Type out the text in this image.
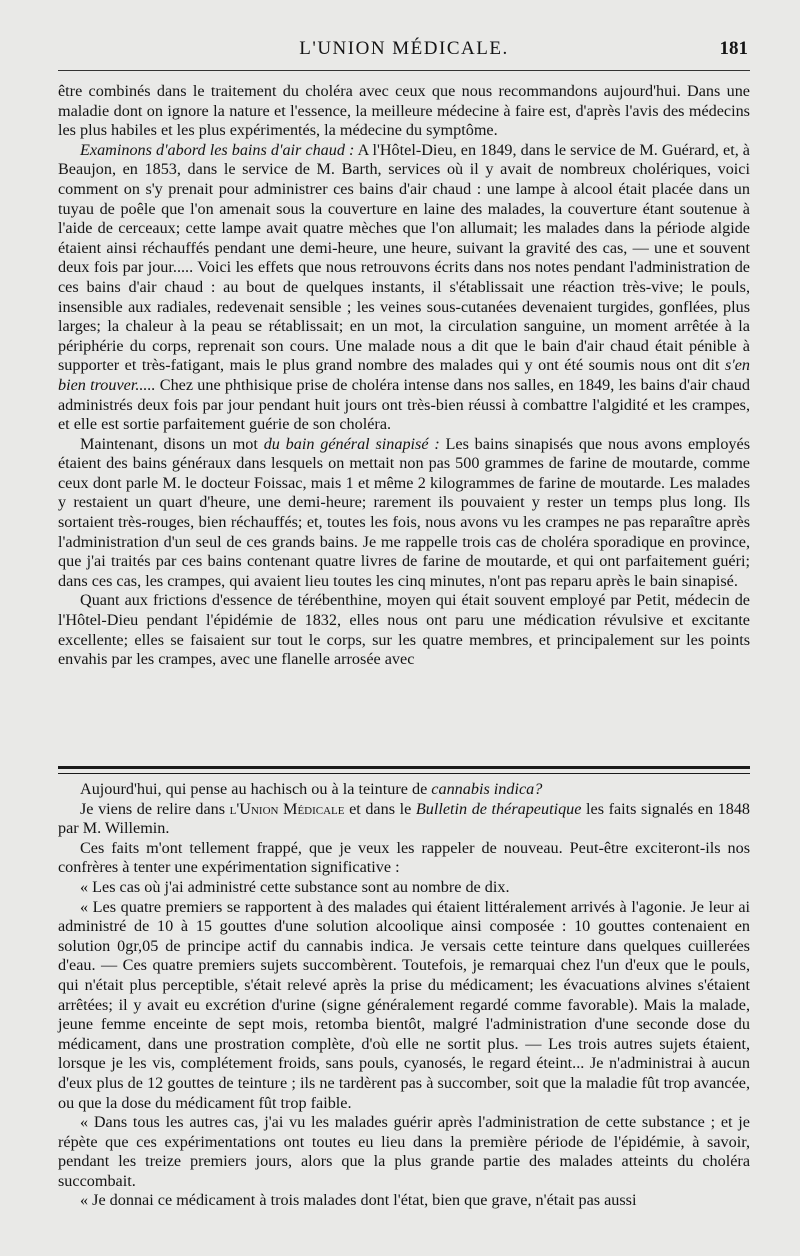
L'UNION MÉDICALE.	181

être combinés dans le traitement du choléra avec ceux que nous recommandons aujourd'hui. Dans une maladie dont on ignore la nature et l'essence, la meilleure médecine à faire est, d'après l'avis des médecins les plus habiles et les plus expérimentés, la médecine du symptôme.

Examinons d'abord les bains d'air chaud : A l'Hôtel-Dieu, en 1849, dans le service de M. Guérard, et, à Beaujon, en 1853, dans le service de M. Barth, services où il y avait de nombreux cholériques, voici comment on s'y prenait pour administrer ces bains d'air chaud : une lampe à alcool était placée dans un tuyau de poêle que l'on amenait sous la couverture en laine des malades, la couverture étant soutenue à l'aide de cerceaux; cette lampe avait quatre mèches que l'on allumait; les malades dans la période algide étaient ainsi réchauffés pendant une demi-heure, une heure, suivant la gravité des cas, — une et souvent deux fois par jour..... Voici les effets que nous retrouvons écrits dans nos notes pendant l'administration de ces bains d'air chaud : au bout de quelques instants, il s'établissait une réaction très-vive; le pouls, insensible aux radiales, redevenait sensible ; les veines sous-cutanées devenaient turgides, gonflées, plus larges; la chaleur à la peau se rétablissait; en un mot, la circulation sanguine, un moment arrêtée à la périphérie du corps, reprenait son cours. Une malade nous a dit que le bain d'air chaud était pénible à supporter et très-fatigant, mais le plus grand nombre des malades qui y ont été soumis nous ont dit s'en bien trouver..... Chez une phthisique prise de choléra intense dans nos salles, en 1849, les bains d'air chaud administrés deux fois par jour pendant huit jours ont très-bien réussi à combattre l'algidité et les crampes, et elle est sortie parfaitement guérie de son choléra.

Maintenant, disons un mot du bain général sinapisé : Les bains sinapisés que nous avons employés étaient des bains généraux dans lesquels on mettait non pas 500 grammes de farine de moutarde, comme ceux dont parle M. le docteur Foissac, mais 1 et même 2 kilogrammes de farine de moutarde. Les malades y restaient un quart d'heure, une demi-heure; rarement ils pouvaient y rester un temps plus long. Ils sortaient très-rouges, bien réchauffés; et, toutes les fois, nous avons vu les crampes ne pas reparaître après l'administration d'un seul de ces grands bains. Je me rappelle trois cas de choléra sporadique en province, que j'ai traités par ces bains contenant quatre livres de farine de moutarde, et qui ont parfaitement guéri; dans ces cas, les crampes, qui avaient lieu toutes les cinq minutes, n'ont pas reparu après le bain sinapisé.

Quant aux frictions d'essence de térébenthine, moyen qui était souvent employé par Petit, médecin de l'Hôtel-Dieu pendant l'épidémie de 1832, elles nous ont paru une médication révulsive et excitante excellente; elles se faisaient sur tout le corps, sur les quatre membres, et principalement sur les points envahis par les crampes, avec une flanelle arrosée avec

Aujourd'hui, qui pense au hachisch ou à la teinture de cannabis indica?

Je viens de relire dans l'Union Médicale et dans le Bulletin de thérapeutique les faits signalés en 1848 par M. Willemin.

Ces faits m'ont tellement frappé, que je veux les rappeler de nouveau. Peut-être exciteront-ils nos confrères à tenter une expérimentation significative :

« Les cas où j'ai administré cette substance sont au nombre de dix.

« Les quatre premiers se rapportent à des malades qui étaient littéralement arrivés à l'agonie. Je leur ai administré de 10 à 15 gouttes d'une solution alcoolique ainsi composée : 10 gouttes contenaient en solution 0gr,05 de principe actif du cannabis indica. Je versais cette teinture dans quelques cuillerées d'eau. — Ces quatre premiers sujets succombèrent. Toutefois, je remarquai chez l'un d'eux que le pouls, qui n'était plus perceptible, s'était relevé après la prise du médicament; les évacuations alvines s'étaient arrêtées; il y avait eu excrétion d'urine (signe généralement regardé comme favorable). Mais la malade, jeune femme enceinte de sept mois, retomba bientôt, malgré l'administration d'une seconde dose du médicament, dans une prostration complète, d'où elle ne sortit plus. — Les trois autres sujets étaient, lorsque je les vis, complétement froids, sans pouls, cyanosés, le regard éteint... Je n'administrai à aucun d'eux plus de 12 gouttes de teinture ; ils ne tardèrent pas à succomber, soit que la maladie fût trop avancée, ou que la dose du médicament fût trop faible.

« Dans tous les autres cas, j'ai vu les malades guérir après l'administration de cette substance ; et je répète que ces expérimentations ont toutes eu lieu dans la première période de l'épidémie, à savoir, pendant les treize premiers jours, alors que la plus grande partie des malades atteints du choléra succombait.

« Je donnai ce médicament à trois malades dont l'état, bien que grave, n'était pas aussi
